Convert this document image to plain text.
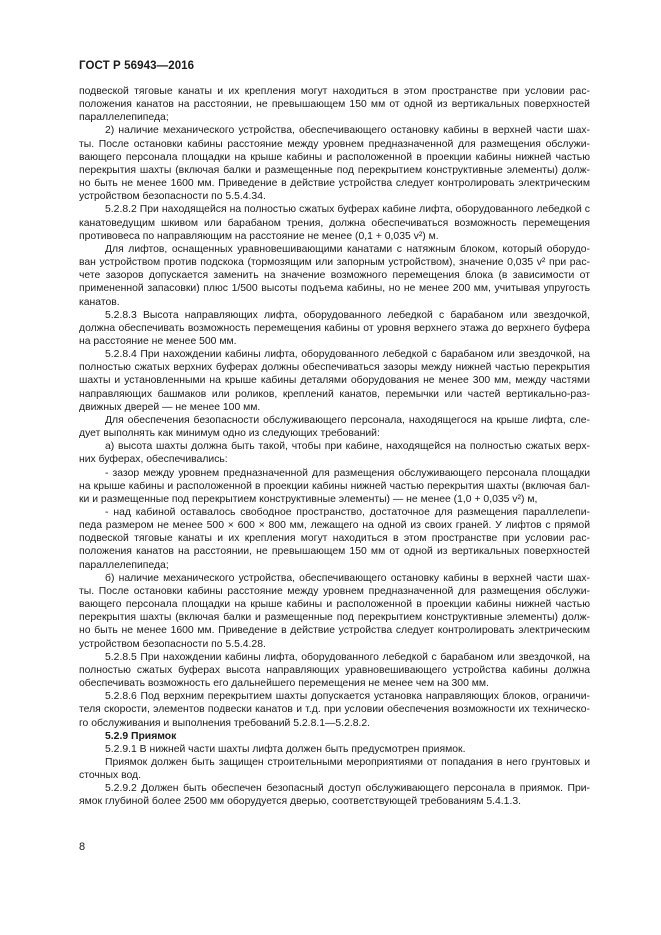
ГОСТ Р 56943—2016

подвеской тяговые канаты и их крепления могут находиться в этом пространстве при условии рас-положения канатов на расстоянии, не превышающем 150 мм от одной из вертикальных поверхностей параллелепипеда;

2) наличие механического устройства, обеспечивающего остановку кабины в верхней части шах-ты. После остановки кабины расстояние между уровнем предназначенной для размещения обслужи-вающего персонала площадки на крыше кабины и расположенной в проекции кабины нижней частью перекрытия шахты (включая балки и размещенные под перекрытием конструктивные элементы) долж-но быть не менее 1600 мм. Приведение в действие устройства следует контролировать электрическим устройством безопасности по 5.5.4.34.

5.2.8.2 При находящейся на полностью сжатых буферах кабине лифта, оборудованного лебедкой с канатоведущим шкивом или барабаном трения, должна обеспечиваться возможность перемещения противовеса по направляющим на расстояние не менее (0,1 + 0,035 v²) м.

Для лифтов, оснащенных уравновешивающими канатами с натяжным блоком, который оборудо-ван устройством против подскока (тормозящим или запорным устройством), значение 0,035 v² при рас-чете зазоров допускается заменить на значение возможного перемещения блока (в зависимости от примененной запасовки) плюс 1/500 высоты подъема кабины, но не менее 200 мм, учитывая упругость канатов.

5.2.8.3 Высота направляющих лифта, оборудованного лебедкой с барабаном или звездочкой, должна обеспечивать возможность перемещения кабины от уровня верхнего этажа до верхнего буфера на расстояние не менее 500 мм.

5.2.8.4 При нахождении кабины лифта, оборудованного лебедкой с барабаном или звездочкой, на полностью сжатых верхних буферах должны обеспечиваться зазоры между нижней частью перекрытия шахты и установленными на крыше кабины деталями оборудования не менее 300 мм, между частями направляющих башмаков или роликов, креплений канатов, перемычки или частей вертикально-раз-движных дверей — не менее 100 мм.

Для обеспечения безопасности обслуживающего персонала, находящегося на крыше лифта, сле-дует выполнять как минимум одно из следующих требований:

а) высота шахты должна быть такой, чтобы при кабине, находящейся на полностью сжатых верх-них буферах, обеспечивались:

- зазор между уровнем предназначенной для размещения обслуживающего персонала площадки на крыше кабины и расположенной в проекции кабины нижней частью перекрытия шахты (включая бал-ки и размещенные под перекрытием конструктивные элементы) — не менее (1,0 + 0,035 v²) м,

- над кабиной оставалось свободное пространство, достаточное для размещения параллелепи-педа размером не менее 500 × 600 × 800 мм, лежащего на одной из своих граней. У лифтов с прямой подвеской тяговые канаты и их крепления могут находиться в этом пространстве при условии рас-положения канатов на расстоянии, не превышающем 150 мм от одной из вертикальных поверхностей параллелепипеда;

б) наличие механического устройства, обеспечивающего остановку кабины в верхней части шах-ты. После остановки кабины расстояние между уровнем предназначенной для размещения обслужи-вающего персонала площадки на крыше кабины и расположенной в проекции кабины нижней частью перекрытия шахты (включая балки и размещенные под перекрытием конструктивные элементы) долж-но быть не менее 1600 мм. Приведение в действие устройства следует контролировать электрическим устройством безопасности по 5.5.4.28.

5.2.8.5 При нахождении кабины лифта, оборудованного лебедкой с барабаном или звездочкой, на полностью сжатых буферах высота направляющих уравновешивающего устройства кабины должна обеспечивать возможность его дальнейшего перемещения не менее чем на 300 мм.

5.2.8.6 Под верхним перекрытием шахты допускается установка направляющих блоков, ограничи-теля скорости, элементов подвески канатов и т.д. при условии обеспечения возможности их техническо-го обслуживания и выполнения требований 5.2.8.1—5.2.8.2.

5.2.9 Приямок

5.2.9.1 В нижней части шахты лифта должен быть предусмотрен приямок.

Приямок должен быть защищен строительными мероприятиями от попадания в него грунтовых и сточных вод.

5.2.9.2 Должен быть обеспечен безопасный доступ обслуживающего персонала в приямок. При-ямок глубиной более 2500 мм оборудуется дверью, соответствующей требованиям 5.4.1.3.

8
